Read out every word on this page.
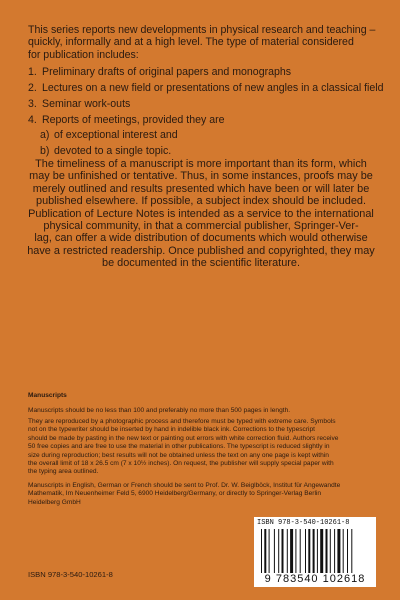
This series reports new developments in physical research and teaching –
quickly, informally and at a high level. The type of material considered
for publication includes:
1. Preliminary drafts of original papers and monographs
2. Lectures on a new field or presentations of new angles in a classical field
3. Seminar work-outs
4. Reports of meetings, provided they are
a) of exceptional interest and
b) devoted to a single topic.
The timeliness of a manuscript is more important than its form, which
may be unfinished or tentative. Thus, in some instances, proofs may be
merely outlined and results presented which have been or will later be
published elsewhere. If possible, a subject index should be included.
Publication of Lecture Notes is intended as a service to the international
physical community, in that a commercial publisher, Springer-Ver-
lag, can offer a wide distribution of documents which would otherwise
have a restricted readership. Once published and copyrighted, they may
be documented in the scientific literature.
Manuscripts
Manuscripts should be no less than 100 and preferably no more than 500 pages in length.
They are reproduced by a photographic process and therefore must be typed with extreme care. Symbols
not on the typewriter should be inserted by hand in indelible black ink. Corrections to the typescript
should be made by pasting in the new text or painting out errors with white correction fluid. Authors receive
50 free copies and are free to use the material in other publications. The typescript is reduced slightly in
size during reproduction; best results will not be obtained unless the text on any one page is kept within
the overall limit of 18 x 26.5 cm (7 x 10½ inches). On request, the publisher will supply special paper with
the typing area outlined.
Manuscripts in English, German or French should be sent to Prof. Dr. W. Beiglböck, Institut für Angewandte
Mathematik, Im Neuenheimer Feld 5, 6900 Heidelberg/Germany, or directly to Springer-Verlag Berlin
Heidelberg GmbH
ISBN 978-3-540-10261-8
ISBN 978-3-540-10261-8
9 783540 102618
